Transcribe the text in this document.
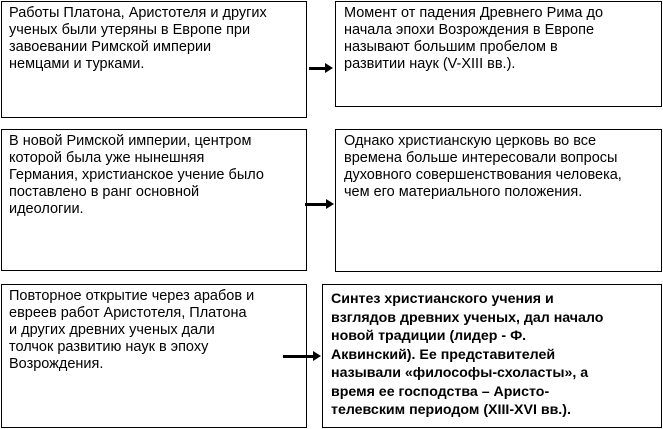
Работы Платона, Аристотеля и других
ученых были утеряны в Европе при
завоевании Римской империи
немцами и турками.

Момент от падения Древнего Рима до
начала эпохи Возрождения в Европе
называют большим пробелом в
развитии наук (V-XIII вв.).

В новой Римской империи, центром
которой была уже нынешняя
Германия, христианское учение было
поставлено в ранг основной
идеологии.

Однако христианскую церковь во все
времена больше интересовали вопросы
духовного совершенствования человека,
чем его материального положения.

Повторное открытие через арабов и
евреев работ Аристотеля, Платона
и других древних ученых дали
толчок развитию наук в эпоху
Возрождения.

Синтез христианского учения и
взглядов древних ученых, дал начало
новой традиции (лидер - Ф.
Аквинский). Ее представителей
называли «философы-схоласты», а
время ее господства – Аристо-
телевским периодом (XIII-XVI вв.).
